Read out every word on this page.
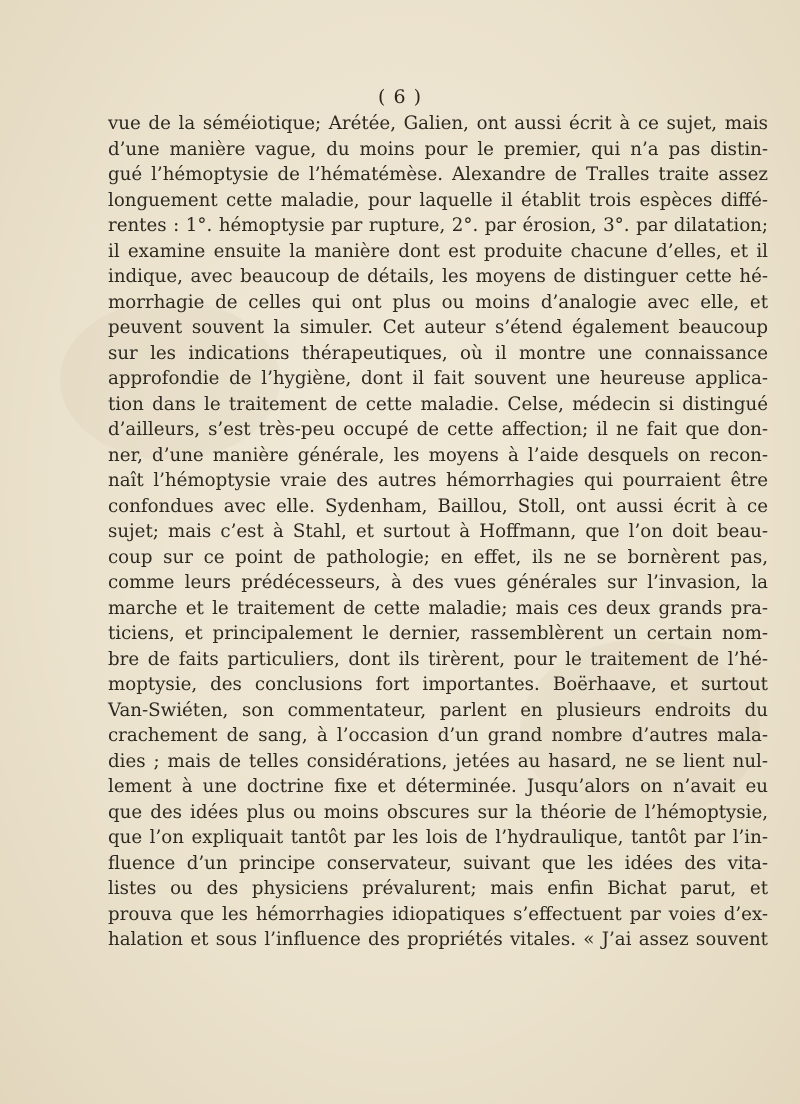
( 6 )
vue de la séméiotique; Arétée, Galien, ont aussi écrit à ce sujet, mais
d’une manière vague, du moins pour le premier, qui n’a pas distin-
gué l’hémoptysie de l’hématémèse. Alexandre de Tralles traite assez
longuement cette maladie, pour laquelle il établit trois espèces diffé-
rentes : 1°. hémoptysie par rupture, 2°. par érosion, 3°. par dilatation;
il examine ensuite la manière dont est produite chacune d’elles, et il
indique, avec beaucoup de détails, les moyens de distinguer cette hé-
morrhagie de celles qui ont plus ou moins d’analogie avec elle, et
peuvent souvent la simuler. Cet auteur s’étend également beaucoup
sur les indications thérapeutiques, où il montre une connaissance
approfondie de l’hygiène, dont il fait souvent une heureuse applica-
tion dans le traitement de cette maladie. Celse, médecin si distingué
d’ailleurs, s’est très-peu occupé de cette affection; il ne fait que don-
ner, d’une manière générale, les moyens à l’aide desquels on recon-
naît l’hémoptysie vraie des autres hémorrhagies qui pourraient être
confondues avec elle. Sydenham, Baillou, Stoll, ont aussi écrit à ce
sujet; mais c’est à Stahl, et surtout à Hoffmann, que l’on doit beau-
coup sur ce point de pathologie; en effet, ils ne se bornèrent pas,
comme leurs prédécesseurs, à des vues générales sur l’invasion, la
marche et le traitement de cette maladie; mais ces deux grands pra-
ticiens, et principalement le dernier, rassemblèrent un certain nom-
bre de faits particuliers, dont ils tirèrent, pour le traitement de l’hé-
moptysie, des conclusions fort importantes. Boërhaave, et surtout
Van-Swiéten, son commentateur, parlent en plusieurs endroits du
crachement de sang, à l’occasion d’un grand nombre d’autres mala-
dies ; mais de telles considérations, jetées au hasard, ne se lient nul-
lement à une doctrine fixe et déterminée. Jusqu’alors on n’avait eu
que des idées plus ou moins obscures sur la théorie de l’hémoptysie,
que l’on expliquait tantôt par les lois de l’hydraulique, tantôt par l’in-
fluence d’un principe conservateur, suivant que les idées des vita-
listes ou des physiciens prévalurent; mais enfin Bichat parut, et
prouva que les hémorrhagies idiopatiques s’effectuent par voies d’ex-
halation et sous l’influence des propriétés vitales. « J’ai assez souvent
